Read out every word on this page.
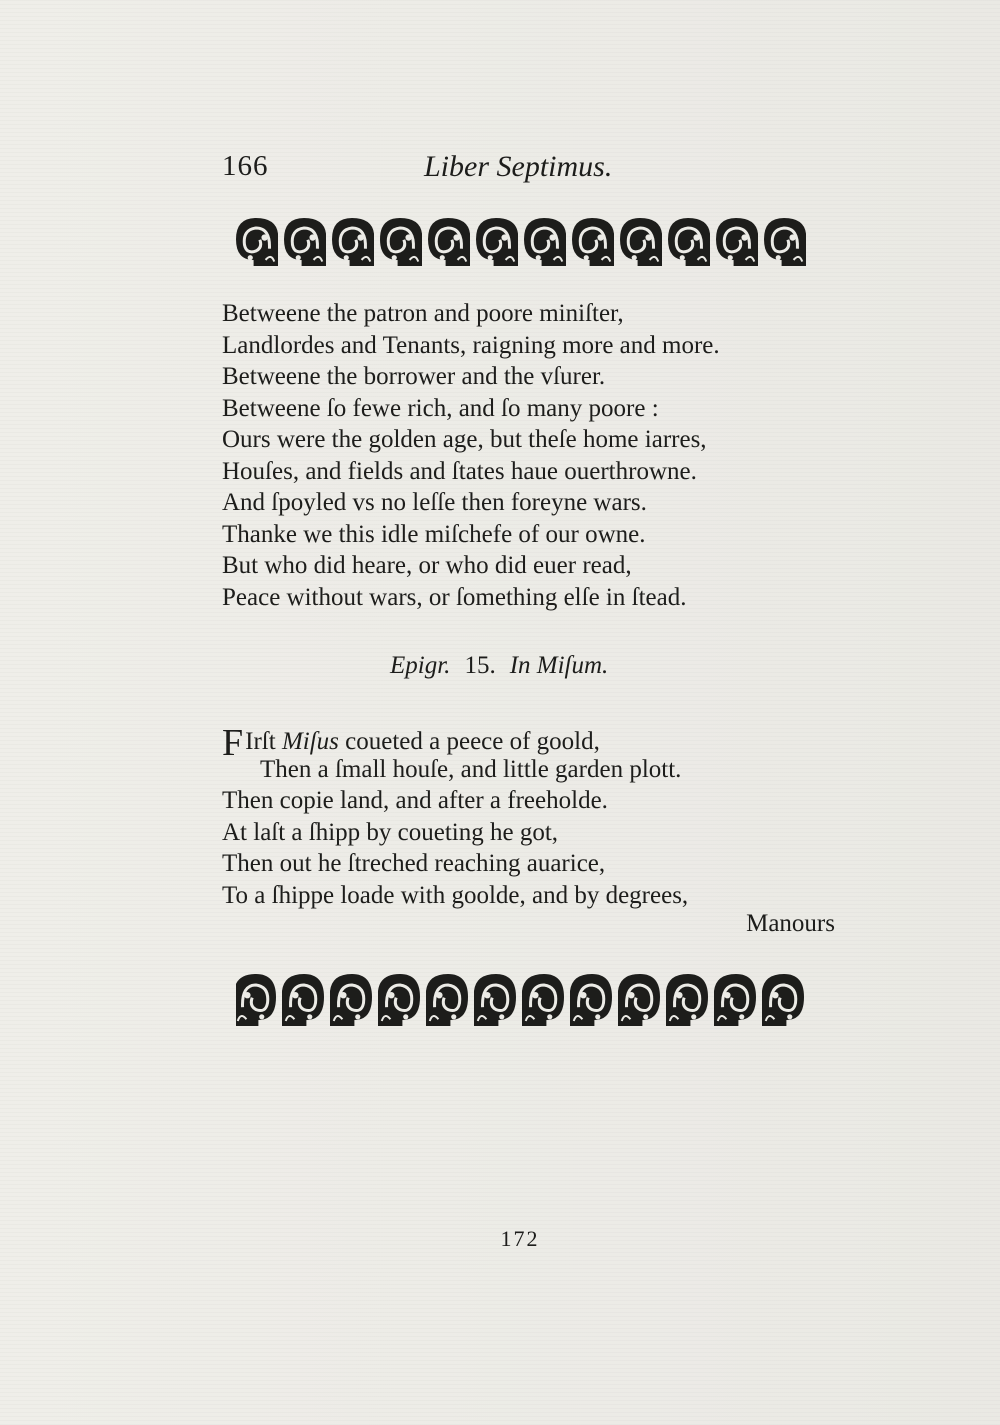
166	Liber Septimus.
Betweene the patron and poore miniſter,
Landlordes and Tenants, raigning more and more.
Betweene the borrower and the vſurer.
Betweene ſo fewe rich, and ſo many poore :
Ours were the golden age, but theſe home iarres,
Houſes, and fields and ſtates haue ouerthrowne.
And ſpoyled vs no leſſe then foreyne wars.
Thanke we this idle miſchefe of our owne.
But who did heare, or who did euer read,
Peace without wars, or ſomething elſe in ſtead.
Epigr. 15. In Miſum.
FIrſt Miſus coueted a peece of goold,
Then a ſmall houſe, and little garden plott.
Then copie land, and after a freeholde.
At laſt a ſhipp by coueting he got,
Then out he ſtreched reaching auarice,
To a ſhippe loade with goolde, and by degrees,
Manours
172
